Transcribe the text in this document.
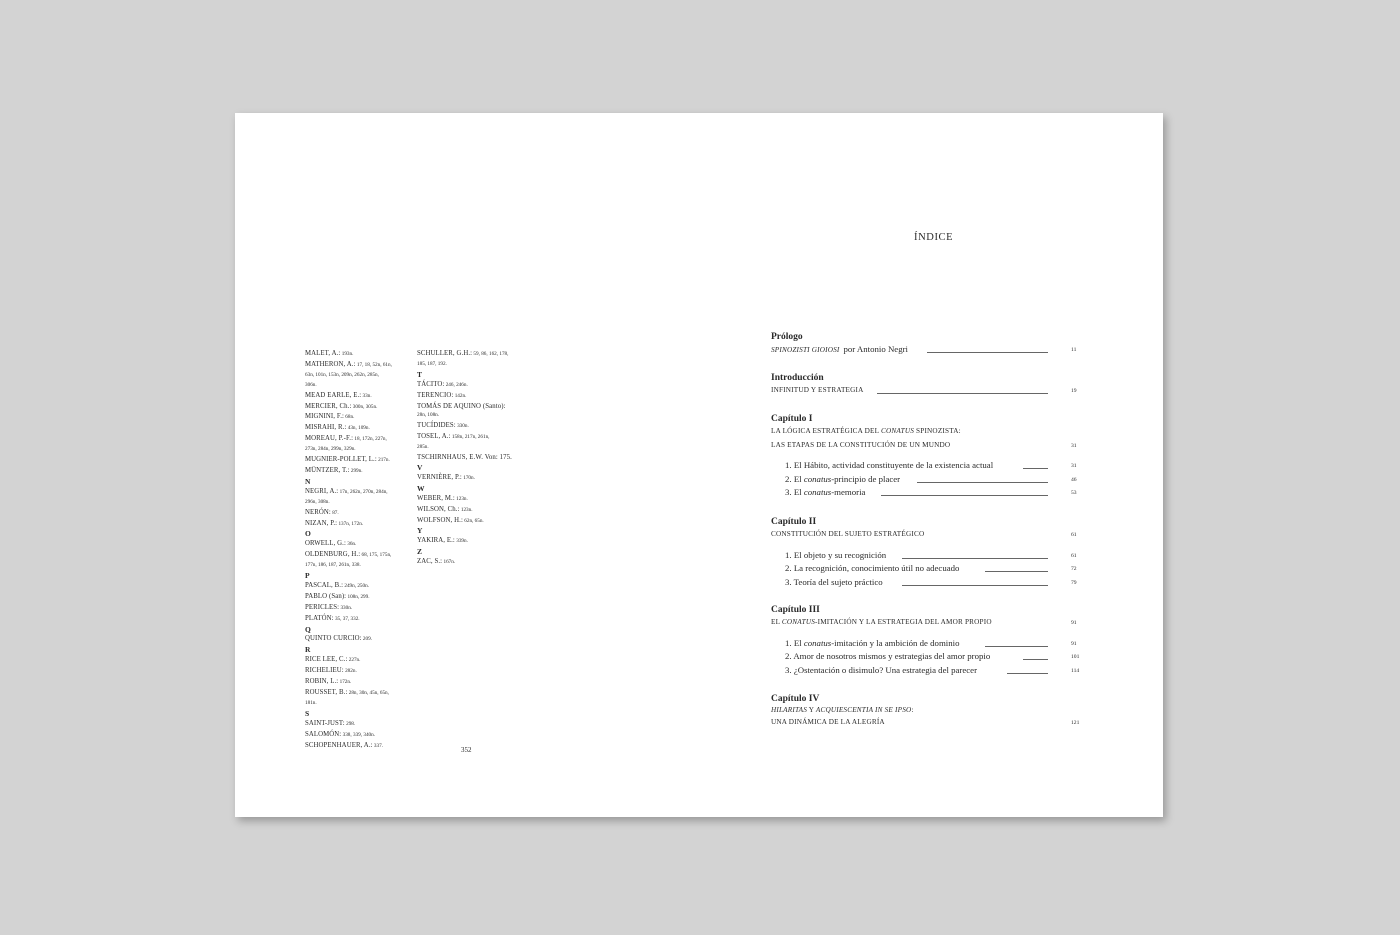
MALET, A.: 193n.
MATHERON, A.: 17, 18, 52n, 61n,
63n, 101n, 153n, 209n, 262n, 285n,
306n.
MEAD EARLE, E.: 33n.
MERCIER, Ch.: 300n, 305n.
MIGNINI, F.: 68n.
MISRAHI, R.: 43n, 109n.
MOREAU, P.-F.: 18, 172n, 227n,
273n, 284n, 299n, 329n.
MUGNIER-POLLET, L.: 217n.
MÜNTZER, T.: 299n.
N
NEGRI, A.: 17n, 262n, 270n, 284n,
296n, 308n.
NERÓN: 87.
NIZAN, P.: 137n, 172n.
O
ORWELL, G.: 36n.
OLDENBURG, H.: 68, 175, 175n,
177n, 186, 187, 261n, 338.
P
PASCAL, B.: 249n, 250n.
PABLO (San): 108n, 299.
PERICLES: 330n.
PLATÓN: 35, 37, 332.
Q
QUINTO CURCIO: 209.
R
RICE LEE, C.: 227n.
RICHELIEU: 282n.
ROBIN, L.: 172n.
ROUSSET, B.: 28n, 30n, 45n, 65n,
181n.
S
SAINT-JUST: 298.
SALOMÓN: 338, 339, 340n.
SCHOPENHAUER, A.: 337.
SCHULLER, G.H.: 59, 86, 162, 178,
185, 187, 192.
T
TÁCITO: 246, 246n.
TERENCIO: 142n.
TOMÁS DE AQUINO (Santo):
28n, 108n.
TUCÍDIDES: 330n.
TOSEL, A.: 158n, 217n, 261n,
285n.
TSCHIRNHAUS, E.W. Von: 175.
V
VERNIÈRE, P.: 170n.
W
WEBER, M.: 123n.
WILSON, Ch.: 123n.
WOLFSON, H.: 62n, 65n.
Y
YAKIRA, E.: 339n.
Z
ZAC, S.: 167n.
352
ÍNDICE
Prólogo
SPINOZISTI GIOIOSI por Antonio Negri	11
Introducción
INFINITUD Y ESTRATEGIA	19
Capítulo I
LA LÓGICA ESTRATÉGICA DEL CONATUS SPINOZISTA:
LAS ETAPAS DE LA CONSTITUCIÓN DE UN MUNDO	31
1. El Hábito, actividad constituyente de la existencia actual	31
2. El conatus-principio de placer	46
3. El conatus-memoria	53
Capítulo II
CONSTITUCIÓN DEL SUJETO ESTRATÉGICO	61
1. El objeto y su recognición	61
2. La recognición, conocimiento útil no adecuado	72
3. Teoría del sujeto práctico	79
Capítulo III
EL CONATUS-IMITACIÓN Y LA ESTRATEGIA DEL AMOR PROPIO	91
1. El conatus-imitación y la ambición de dominio	91
2. Amor de nosotros mismos y estrategias del amor propio	101
3. ¿Ostentación o disimulo? Una estrategia del parecer	114
Capítulo IV
HILARITAS Y ACQUIESCENTIA IN SE IPSO:
UNA DINÁMICA DE LA ALEGRÍA	121
